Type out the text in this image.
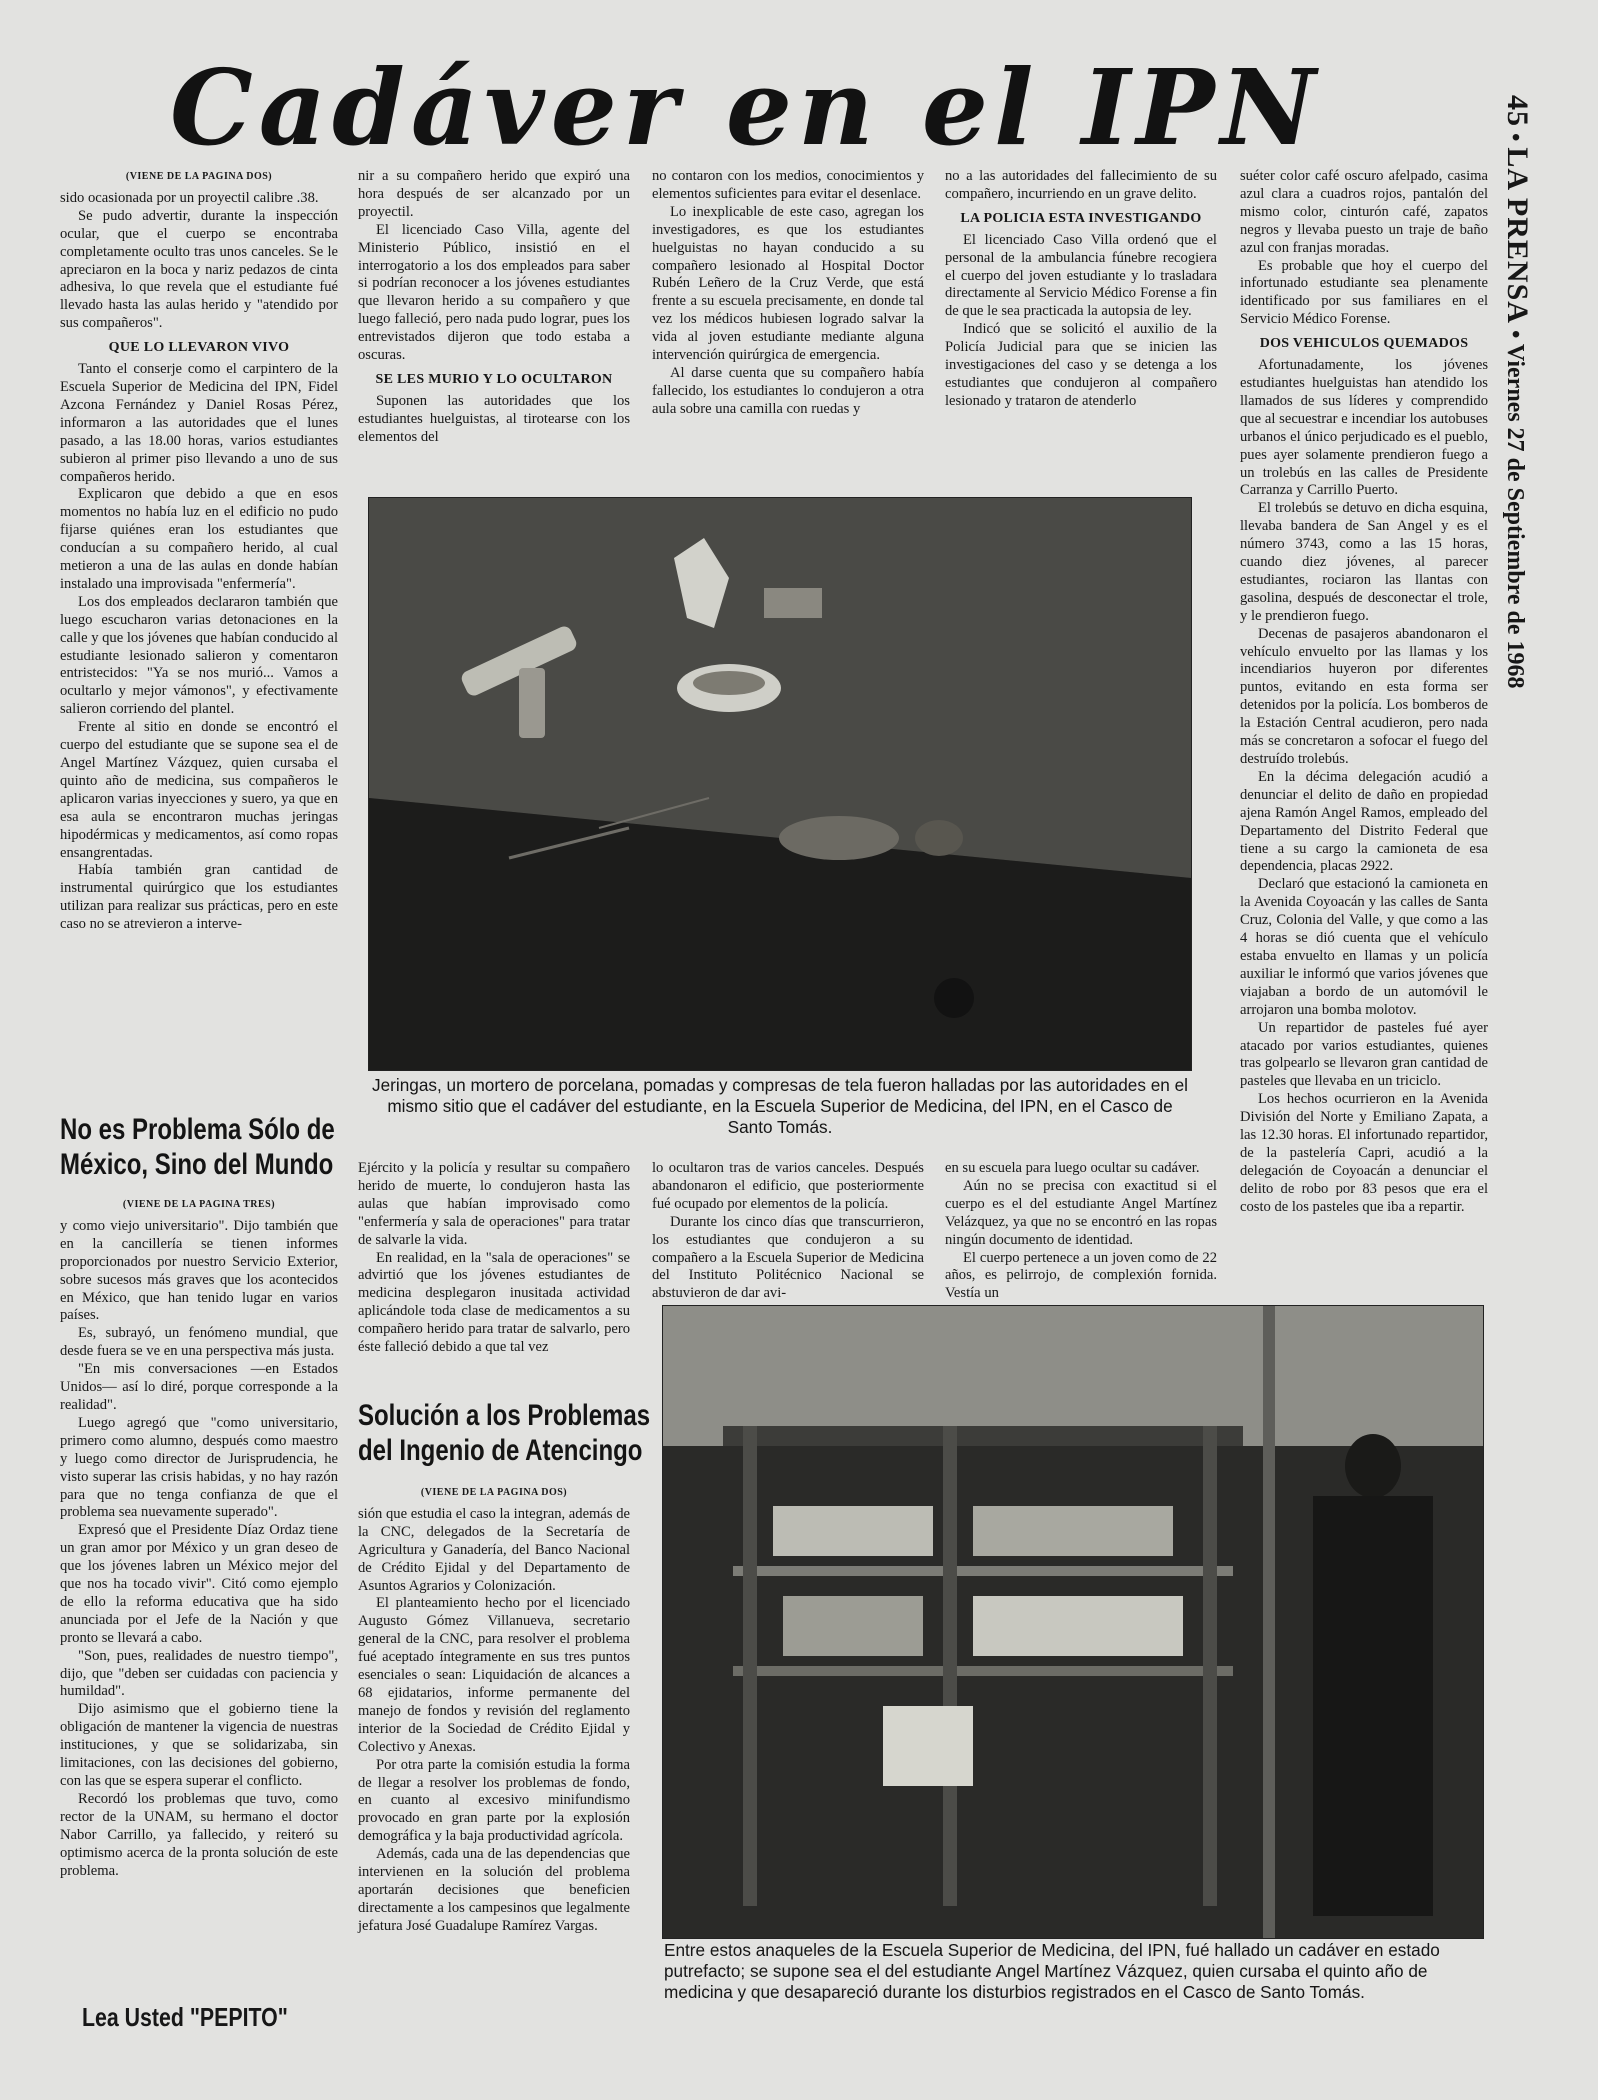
Cadáver en el IPN	45 • LA PRENSA • Viernes 27 de Septiembre de 1968
(VIENE DE LA PAGINA DOS)

sido ocasionada por un proyectil calibre .38.

Se pudo advertir, durante la inspección ocular, que el cuerpo se encontraba completamente oculto tras unos canceles. Se le apreciaron en la boca y nariz pedazos de cinta adhesiva, lo que revela que el estudiante fué llevado hasta las aulas herido y "atendido por sus compañeros".

QUE LO LLEVARON VIVO

Tanto el conserje como el carpintero de la Escuela Superior de Medicina del IPN, Fidel Azcona Fernández y Daniel Rosas Pérez, informaron a las autoridades que el lunes pasado, a las 18.00 horas, varios estudiantes subieron al primer piso llevando a uno de sus compañeros herido.

Explicaron que debido a que en esos momentos no había luz en el edificio no pudo fijarse quiénes eran los estudiantes que conducían a su compañero herido, al cual metieron a una de las aulas en donde habían instalado una improvisada "enfermería".

Los dos empleados declararon también que luego escucharon varias detonaciones en la calle y que los jóvenes que habían conducido al estudiante lesionado salieron y comentaron entristecidos: "Ya se nos murió... Vamos a ocultarlo y mejor vámonos", y efectivamente salieron corriendo del plantel.

Frente al sitio en donde se encontró el cuerpo del estudiante que se supone sea el de Angel Martínez Vázquez, quien cursaba el quinto año de medicina, sus compañeros le aplicaron varias inyecciones y suero, ya que en esa aula se encontraron muchas jeringas hipodérmicas y medicamentos, así como ropas ensangrentadas.

Había también gran cantidad de instrumental quirúrgico que los estudiantes utilizan para realizar sus prácticas, pero en este caso no se atrevieron a interve-

nir a su compañero herido que expiró una hora después de ser alcanzado por un proyectil.

El licenciado Caso Villa, agente del Ministerio Público, insistió en el interrogatorio a los dos empleados para saber si podrían reconocer a los jóvenes estudiantes que llevaron herido a su compañero y que luego falleció, pero nada pudo lograr, pues los entrevistados dijeron que todo estaba a oscuras.

SE LES MURIO Y LO OCULTARON

Suponen las autoridades que los estudiantes huelguistas, al tirotearse con los elementos del

no contaron con los medios, conocimientos y elementos suficientes para evitar el desenlace.

Lo inexplicable de este caso, agregan los investigadores, es que los estudiantes huelguistas no hayan conducido a su compañero lesionado al Hospital Doctor Rubén Leñero de la Cruz Verde, que está frente a su escuela precisamente, en donde tal vez los médicos hubiesen logrado salvar la vida al joven estudiante mediante alguna intervención quirúrgica de emergencia.

Al darse cuenta que su compañero había fallecido, los estudiantes lo condujeron a otra aula sobre una camilla con ruedas y

no a las autoridades del fallecimiento de su compañero, incurriendo en un grave delito.

LA POLICIA ESTA INVESTIGANDO

El licenciado Caso Villa ordenó que el personal de la ambulancia fúnebre recogiera el cuerpo del joven estudiante y lo trasladara directamente al Servicio Médico Forense a fin de que le sea practicada la autopsia de ley.

Indicó que se solicitó el auxilio de la Policía Judicial para que se inicien las investigaciones del caso y se detenga a los estudiantes que condujeron al compañero lesionado y trataron de atenderlo

suéter color café oscuro afelpado, casima azul clara a cuadros rojos, pantalón del mismo color, cinturón café, zapatos negros y llevaba puesto un traje de baño azul con franjas moradas.

Es probable que hoy el cuerpo del infortunado estudiante sea plenamente identificado por sus familiares en el Servicio Médico Forense.

DOS VEHICULOS QUEMADOS

Afortunadamente, los jóvenes estudiantes huelguistas han atendido los llamados de sus líderes y comprendido que al secuestrar e incendiar los autobuses urbanos el único perjudicado es el pueblo, pues ayer solamente prendieron fuego a un trolebús en las calles de Presidente Carranza y Carrillo Puerto.

El trolebús se detuvo en dicha esquina, llevaba bandera de San Angel y es el número 3743, como a las 15 horas, cuando diez jóvenes, al parecer estudiantes, rociaron las llantas con gasolina, después de desconectar el trole, y le prendieron fuego.

Decenas de pasajeros abandonaron el vehículo envuelto por las llamas y los incendiarios huyeron por diferentes puntos, evitando en esta forma ser detenidos por la policía. Los bomberos de la Estación Central acudieron, pero nada más se concretaron a sofocar el fuego del destruído trolebús.

En la décima delegación acudió a denunciar el delito de daño en propiedad ajena Ramón Angel Ramos, empleado del Departamento del Distrito Federal que tiene a su cargo la camioneta de esa dependencia, placas 2922.

Declaró que estacionó la camioneta en la Avenida Coyoacán y las calles de Santa Cruz, Colonia del Valle, y que como a las 4 horas se dió cuenta que el vehículo estaba envuelto en llamas y un policía auxiliar le informó que varios jóvenes que viajaban a bordo de un automóvil le arrojaron una bomba molotov.

Un repartidor de pasteles fué ayer atacado por varios estudiantes, quienes tras golpearlo se llevaron gran cantidad de pasteles que llevaba en un triciclo.

Los hechos ocurrieron en la Avenida División del Norte y Emiliano Zapata, a las 12.30 horas. El infortunado repartidor, de la pastelería Capri, acudió a la delegación de Coyoacán a denunciar el delito de robo por 83 pesos que era el costo de los pasteles que iba a repartir.

Jeringas, un mortero de porcelana, pomadas y compresas de tela fueron halladas por las autoridades en el mismo sitio que el cadáver del estudiante, en la Escuela Superior de Medicina, del IPN, en el Casco de Santo Tomás.
No es Problema Sólo de
México, Sino del Mundo
(VIENE DE LA PAGINA TRES)

y como viejo universitario". Dijo también que en la cancillería se tienen informes proporcionados por nuestro Servicio Exterior, sobre sucesos más graves que los acontecidos en México, que han tenido lugar en varios países.

Es, subrayó, un fenómeno mundial, que desde fuera se ve en una perspectiva más justa.

"En mis conversaciones —en Estados Unidos— así lo diré, porque corresponde a la realidad".

Luego agregó que "como universitario, primero como alumno, después como maestro y luego como director de Jurisprudencia, he visto superar las crisis habidas, y no hay razón para que no tenga confianza de que el problema sea nuevamente superado".

Expresó que el Presidente Díaz Ordaz tiene un gran amor por México y un gran deseo de que los jóvenes labren un México mejor del que nos ha tocado vivir". Citó como ejemplo de ello la reforma educativa que ha sido anunciada por el Jefe de la Nación y que pronto se llevará a cabo.

"Son, pues, realidades de nuestro tiempo", dijo, que "deben ser cuidadas con paciencia y humildad".

Dijo asimismo que el gobierno tiene la obligación de mantener la vigencia de nuestras instituciones, y que se solidarizaba, sin limitaciones, con las decisiones del gobierno, con las que se espera superar el conflicto.

Recordó los problemas que tuvo, como rector de la UNAM, su hermano el doctor Nabor Carrillo, ya fallecido, y reiteró su optimismo acerca de la pronta solución de este problema.

Lea Usted "PEPITO"

Ejército y la policía y resultar su compañero herido de muerte, lo condujeron hasta las aulas que habían improvisado como "enfermería y sala de operaciones" para tratar de salvarle la vida.

En realidad, en la "sala de operaciones" se advirtió que los jóvenes estudiantes de medicina desplegaron inusitada actividad aplicándole toda clase de medicamentos a su compañero herido para tratar de salvarlo, pero éste falleció debido a que tal vez

lo ocultaron tras de varios canceles. Después abandonaron el edificio, que posteriormente fué ocupado por elementos de la policía.

Durante los cinco días que transcurrieron, los estudiantes que condujeron a su compañero a la Escuela Superior de Medicina del Instituto Politécnico Nacional se abstuvieron de dar avi-

en su escuela para luego ocultar su cadáver.

Aún no se precisa con exactitud si el cuerpo es el del estudiante Angel Martínez Velázquez, ya que no se encontró en las ropas ningún documento de identidad.

El cuerpo pertenece a un joven como de 22 años, es pelirrojo, de complexión fornida. Vestía un

Solución a los Problemas
del Ingenio de Atencingo
(VIENE DE LA PAGINA DOS)

sión que estudia el caso la integran, además de la CNC, delegados de la Secretaría de Agricultura y Ganadería, del Banco Nacional de Crédito Ejidal y del Departamento de Asuntos Agrarios y Colonización.

El planteamiento hecho por el licenciado Augusto Gómez Villanueva, secretario general de la CNC, para resolver el problema fué aceptado íntegramente en sus tres puntos esenciales o sean: Liquidación de alcances a 68 ejidatarios, informe permanente del manejo de fondos y revisión del reglamento interior de la Sociedad de Crédito Ejidal y Colectivo y Anexas.

Por otra parte la comisión estudia la forma de llegar a resolver los problemas de fondo, en cuanto al excesivo minifundismo provocado en gran parte por la explosión demográfica y la baja productividad agrícola.

Además, cada una de las dependencias que intervienen en la solución del problema aportarán decisiones que beneficien directamente a los campesinos que legalmente jefatura José Guadalupe Ramírez Vargas.

Entre estos anaqueles de la Escuela Superior de Medicina, del IPN, fué hallado un cadáver en estado putrefacto; se supone sea el del estudiante Angel Martínez Vázquez, quien cursaba el quinto año de medicina y que desapareció durante los disturbios registrados en el Casco de Santo Tomás.
